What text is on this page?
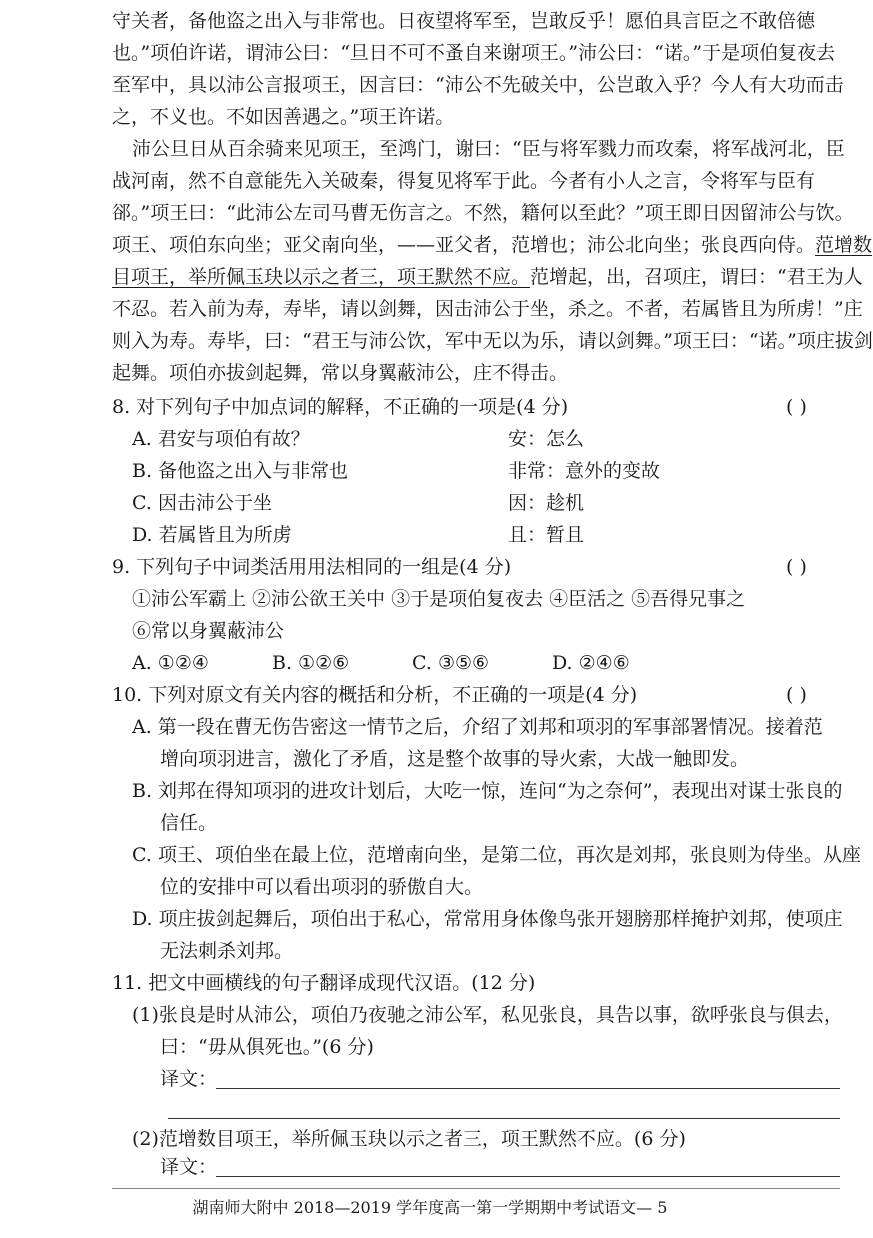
守关者，备他盗之出入与非常也。日夜望将军至，岂敢反乎！愿伯具言臣之不敢倍德
也。”项伯许诺，谓沛公曰：“旦日不可不蚤自来谢项王。”沛公曰：“诺。”于是项伯复夜去
至军中，具以沛公言报项王，因言曰：“沛公不先破关中，公岂敢入乎？今人有大功而击
之，不义也。不如因善遇之。”项王许诺。
沛公旦日从百余骑来见项王，至鸿门，谢曰：“臣与将军戮力而攻秦，将军战河北，臣
战河南，然不自意能先入关破秦，得复见将军于此。今者有小人之言，令将军与臣有
郤。”项王曰：“此沛公左司马曹无伤言之。不然，籍何以至此？”项王即日因留沛公与饮。
项王、项伯东向坐；亚父南向坐，——亚父者，范增也；沛公北向坐；张良西向侍。范增数
目项王，举所佩玉玦以示之者三，项王默然不应。范增起，出，召项庄，谓曰：“君王为人
不忍。若入前为寿，寿毕，请以剑舞，因击沛公于坐，杀之。不者，若属皆且为所虏！”庄
则入为寿。寿毕，曰：“君王与沛公饮，军中无以为乐，请以剑舞。”项王曰：“诺。”项庄拔剑
起舞。项伯亦拔剑起舞，常以身翼蔽沛公，庄不得击。
8. 对下列句子中加点词的解释，不正确的一项是(4 分)	( )
A. 君安与项伯有故？	安：怎么
B. 备他盗之出入与非常也	非常：意外的变故
C. 因击沛公于坐	因：趁机
D. 若属皆且为所虏	且：暂且
9. 下列句子中词类活用用法相同的一组是(4 分)	( )
①沛公军霸上 ②沛公欲王关中 ③于是项伯复夜去 ④臣活之 ⑤吾得兄事之
⑥常以身翼蔽沛公
A. ①②④	B. ①②⑥	C. ③⑤⑥	D. ②④⑥
10. 下列对原文有关内容的概括和分析，不正确的一项是(4 分)	( )
A. 第一段在曹无伤告密这一情节之后，介绍了刘邦和项羽的军事部署情况。接着范
增向项羽进言，激化了矛盾，这是整个故事的导火索，大战一触即发。
B. 刘邦在得知项羽的进攻计划后，大吃一惊，连问“为之奈何”，表现出对谋士张良的
信任。
C. 项王、项伯坐在最上位，范增南向坐，是第二位，再次是刘邦，张良则为侍坐。从座
位的安排中可以看出项羽的骄傲自大。
D. 项庄拔剑起舞后，项伯出于私心，常常用身体像鸟张开翅膀那样掩护刘邦，使项庄
无法刺杀刘邦。
11. 把文中画横线的句子翻译成现代汉语。(12 分)
(1)张良是时从沛公，项伯乃夜驰之沛公军，私见张良，具告以事，欲呼张良与俱去，
曰：“毋从俱死也。”(6 分)
译文：
(2)范增数目项王，举所佩玉玦以示之者三，项王默然不应。(6 分)
译文：
湖南师大附中 2018—2019 学年度高一第一学期期中考试语文— 5
